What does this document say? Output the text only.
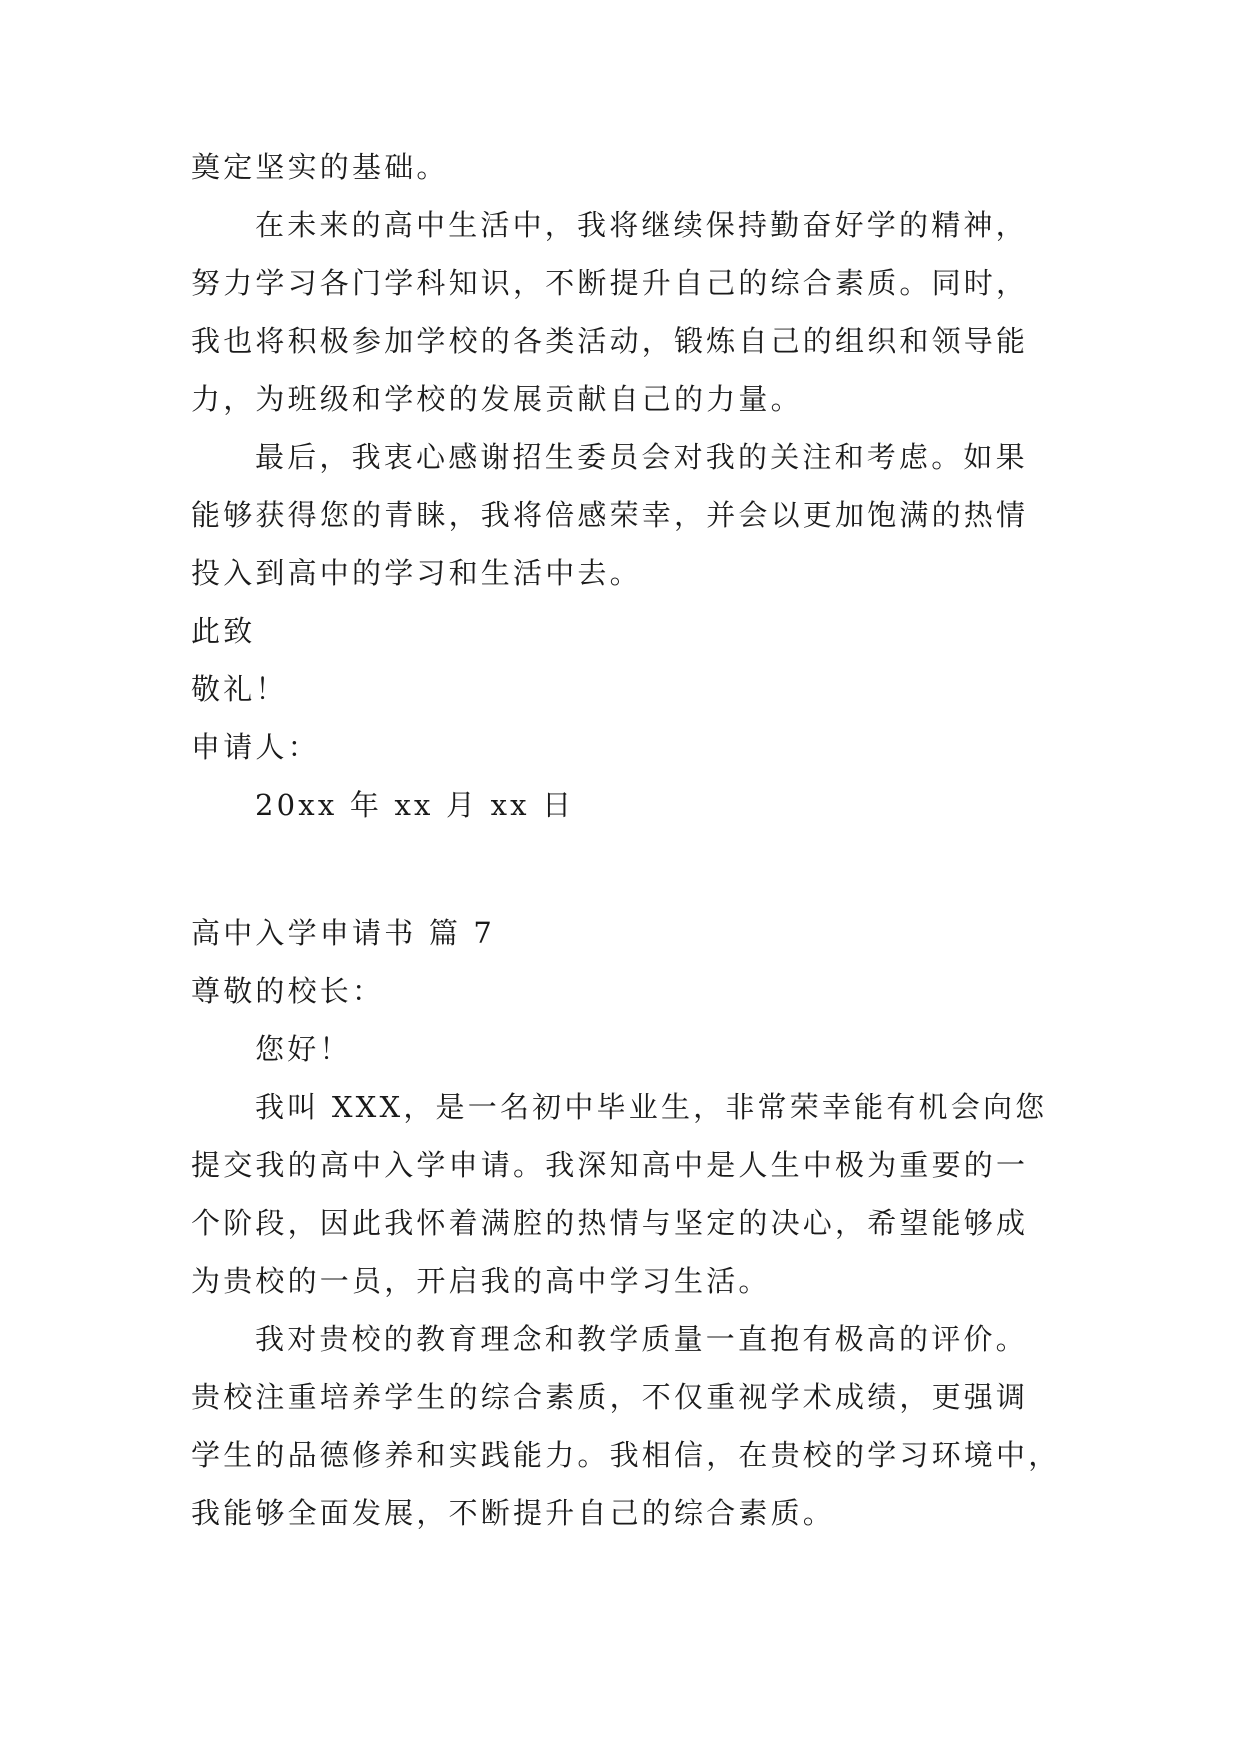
奠定坚实的基础。
在未来的高中生活中，我将继续保持勤奋好学的精神，
努力学习各门学科知识，不断提升自己的综合素质。同时，
我也将积极参加学校的各类活动，锻炼自己的组织和领导能
力，为班级和学校的发展贡献自己的力量。
最后，我衷心感谢招生委员会对我的关注和考虑。如果
能够获得您的青睐，我将倍感荣幸，并会以更加饱满的热情
投入到高中的学习和生活中去。
此致
敬礼！
申请人：
20xx 年 xx 月 xx 日
高中入学申请书 篇 7
尊敬的校长：
您好！
我叫 XXX，是一名初中毕业生，非常荣幸能有机会向您
提交我的高中入学申请。我深知高中是人生中极为重要的一
个阶段，因此我怀着满腔的热情与坚定的决心，希望能够成
为贵校的一员，开启我的高中学习生活。
我对贵校的教育理念和教学质量一直抱有极高的评价。
贵校注重培养学生的综合素质，不仅重视学术成绩，更强调
学生的品德修养和实践能力。我相信，在贵校的学习环境中，
我能够全面发展，不断提升自己的综合素质。
